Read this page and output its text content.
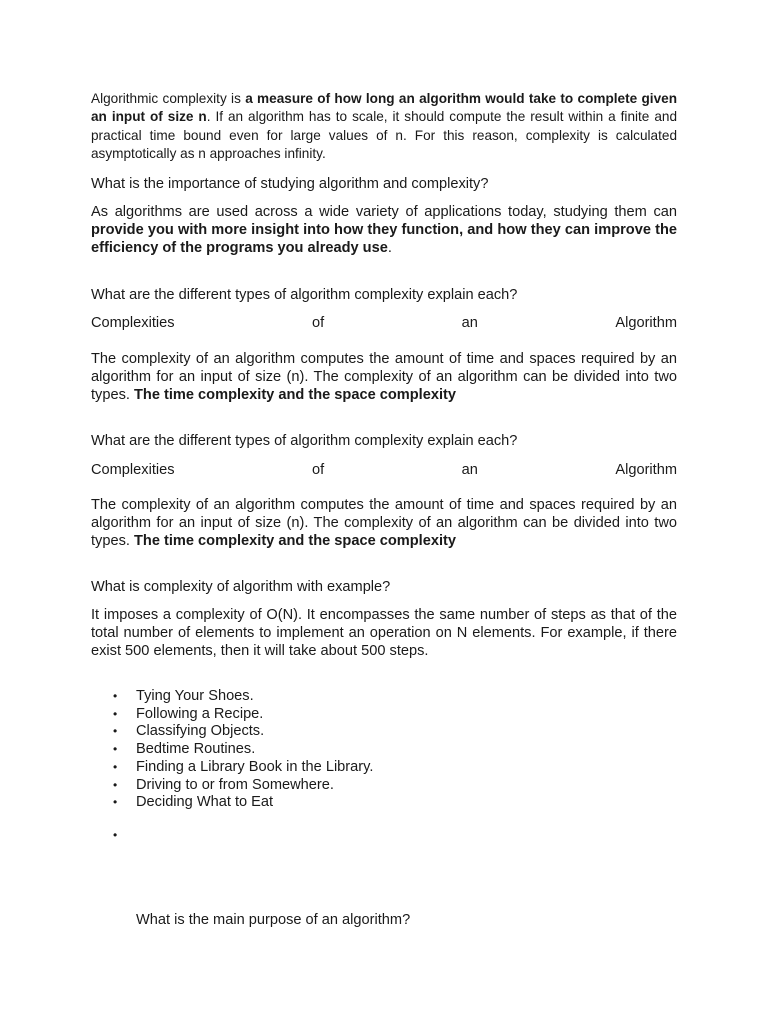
Algorithmic complexity is a measure of how long an algorithm would take to complete given an input of size n. If an algorithm has to scale, it should compute the result within a finite and practical time bound even for large values of n. For this reason, complexity is calculated asymptotically as n approaches infinity.

What is the importance of studying algorithm and complexity?

As algorithms are used across a wide variety of applications today, studying them can provide you with more insight into how they function, and how they can improve the efficiency of the programs you already use.

What are the different types of algorithm complexity explain each?

Complexities	of	an	Algorithm

The complexity of an algorithm computes the amount of time and spaces required by an algorithm for an input of size (n). The complexity of an algorithm can be divided into two types. The time complexity and the space complexity

What are the different types of algorithm complexity explain each?

Complexities	of	an	Algorithm

The complexity of an algorithm computes the amount of time and spaces required by an algorithm for an input of size (n). The complexity of an algorithm can be divided into two types. The time complexity and the space complexity

What is complexity of algorithm with example?

It imposes a complexity of O(N). It encompasses the same number of steps as that of the total number of elements to implement an operation on N elements. For example, if there exist 500 elements, then it will take about 500 steps.

• Tying Your Shoes.
• Following a Recipe.
• Classifying Objects.
• Bedtime Routines.
• Finding a Library Book in the Library.
• Driving to or from Somewhere.
• Deciding What to Eat
•

What is the main purpose of an algorithm?
